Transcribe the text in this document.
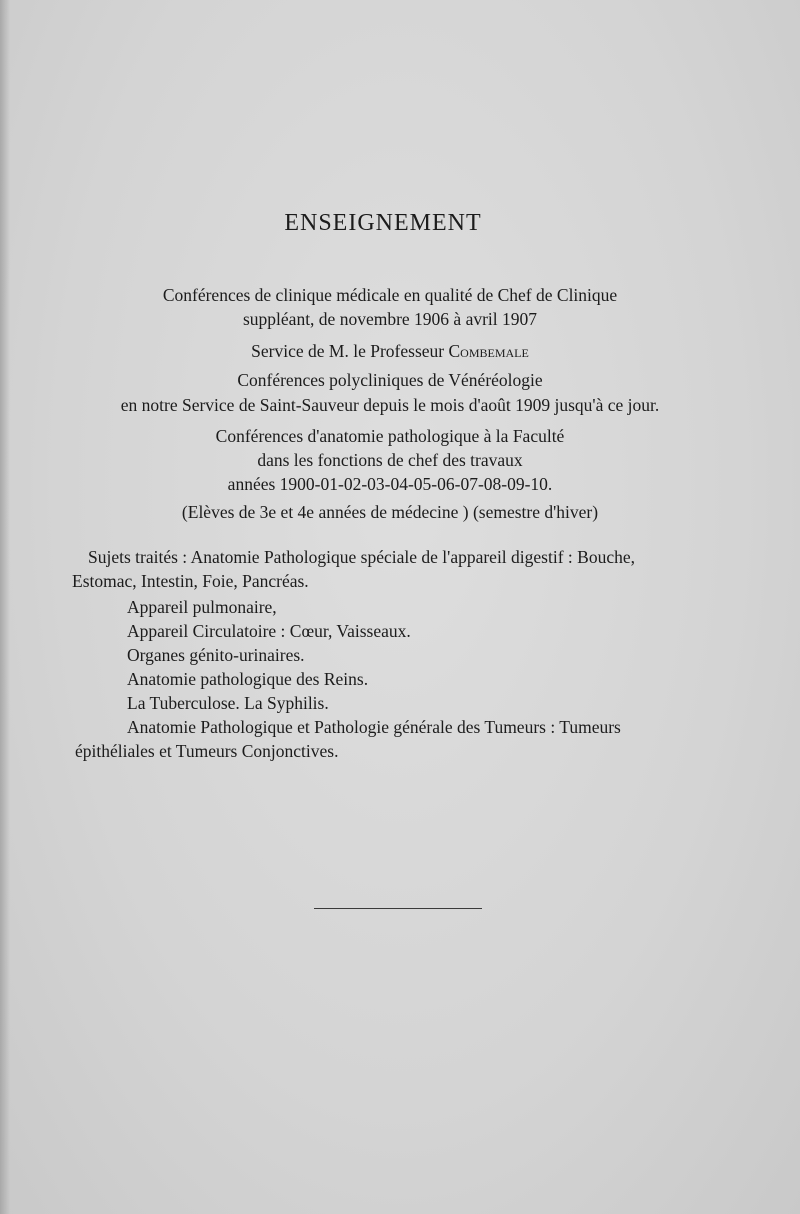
ENSEIGNEMENT

Conférences de clinique médicale en qualité de Chef de Clinique

suppléant, de novembre 1906 à avril 1907

Service de M. le Professeur Combemale

Conférences polycliniques de Vénéréologie

en notre Service de Saint-Sauveur depuis le mois d'août 1909 jusqu'à ce jour.

Conférences d'anatomie pathologique à la Faculté

dans les fonctions de chef des travaux

années 1900-01-02-03-04-05-06-07-08-09-10.

(Elèves de 3e et 4e années de médecine ) (semestre d'hiver)

Sujets traités : Anatomie Pathologique spéciale de l'appareil digestif : Bouche,

Estomac, Intestin, Foie, Pancréas.

Appareil pulmonaire,

Appareil Circulatoire : Cœur, Vaisseaux.

Organes génito-urinaires.

Anatomie pathologique des Reins.

La Tuberculose. La Syphilis.

Anatomie Pathologique et Pathologie générale des Tumeurs : Tumeurs

épithéliales et Tumeurs Conjonctives.
